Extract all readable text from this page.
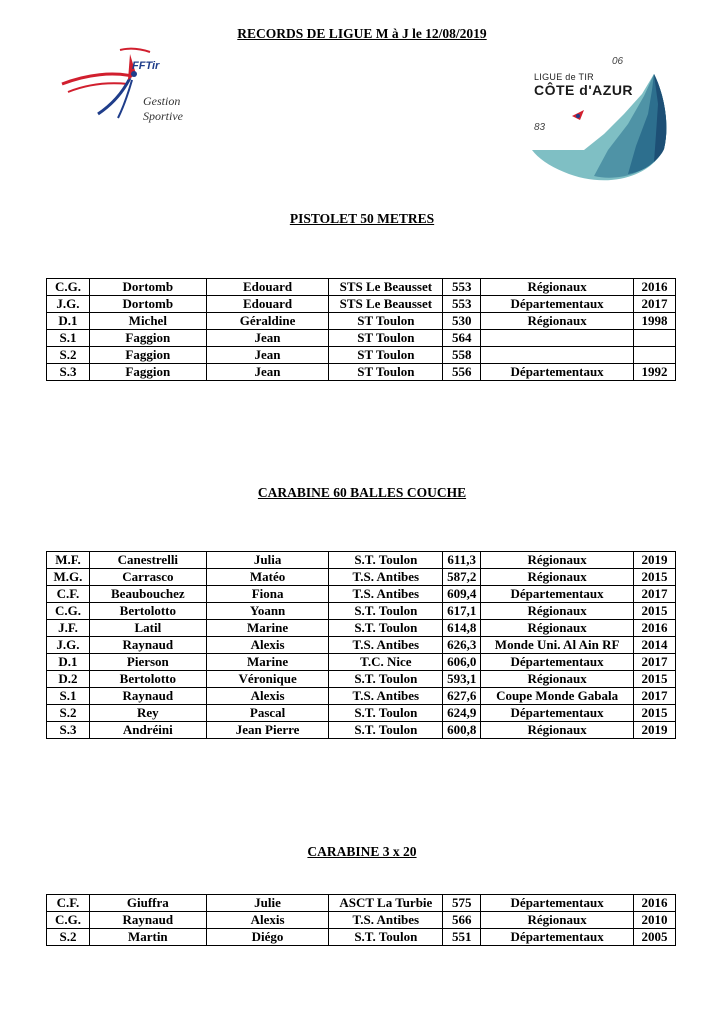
RECORDS DE LIGUE M à J le 12/08/2019
FFTir
Gestion
Sportive
06
LIGUE de TIR
CÔTE d'AZUR
83
PISTOLET 50 METRES
C.G.	Dortomb	Edouard	STS Le Beausset	553	Régionaux	2016
J.G.	Dortomb	Edouard	STS Le Beausset	553	Départementaux	2017
D.1	Michel	Géraldine	ST Toulon	530	Régionaux	1998
S.1	Faggion	Jean	ST Toulon	564		
S.2	Faggion	Jean	ST Toulon	558		
S.3	Faggion	Jean	ST Toulon	556	Départementaux	1992
CARABINE 60 BALLES COUCHE
M.F.	Canestrelli	Julia	S.T. Toulon	611,3	Régionaux	2019
M.G.	Carrasco	Matéo	T.S. Antibes	587,2	Régionaux	2015
C.F.	Beaubouchez	Fiona	T.S. Antibes	609,4	Départementaux	2017
C.G.	Bertolotto	Yoann	S.T. Toulon	617,1	Régionaux	2015
J.F.	Latil	Marine	S.T. Toulon	614,8	Régionaux	2016
J.G.	Raynaud	Alexis	T.S. Antibes	626,3	Monde Uni. Al Ain RF	2014
D.1	Pierson	Marine	T.C. Nice	606,0	Départementaux	2017
D.2	Bertolotto	Véronique	S.T. Toulon	593,1	Régionaux	2015
S.1	Raynaud	Alexis	T.S. Antibes	627,6	Coupe Monde Gabala	2017
S.2	Rey	Pascal	S.T. Toulon	624,9	Départementaux	2015
S.3	Andréini	Jean Pierre	S.T. Toulon	600,8	Régionaux	2019
CARABINE 3 x 20
C.F.	Giuffra	Julie	ASCT La Turbie	575	Départementaux	2016
C.G.	Raynaud	Alexis	T.S. Antibes	566	Régionaux	2010
S.2	Martin	Diégo	S.T. Toulon	551	Départementaux	2005
